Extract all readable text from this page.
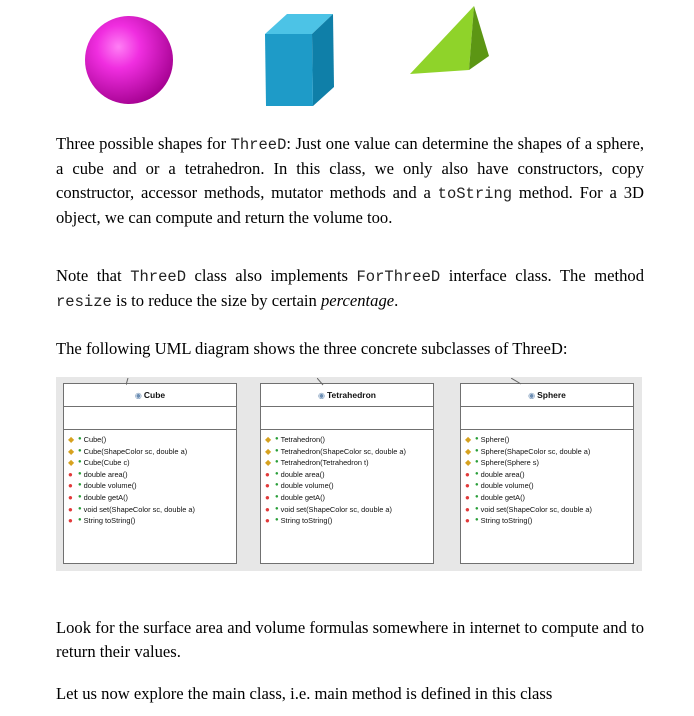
Three possible shapes for ThreeD: Just one value can determine the shapes of a sphere, a cube and or a tetrahedron. In this class, we only also have constructors, copy constructor, accessor methods, mutator methods and a toString method. For a 3D object, we can compute and return the volume too.

Note that ThreeD class also implements ForThreeD interface class. The method resize is to reduce the size by certain percentage.

The following UML diagram shows the three concrete subclasses of ThreeD:

◉ Cube
◆ ● Cube()
◆ ● Cube(ShapeColor sc, double a)
◆ ● Cube(Cube c)
● ● double area()
● ● double volume()
● ● double getA()
● ● void set(ShapeColor sc, double a)
● ● String toString()
◉ Tetrahedron
◆ ● Tetrahedron()
◆ ● Tetrahedron(ShapeColor sc, double a)
◆ ● Tetrahedron(Tetrahedron t)
● ● double area()
● ● double volume()
● ● double getA()
● ● void set(ShapeColor sc, double a)
● ● String toString()
◉ Sphere
◆ ● Sphere()
◆ ● Sphere(ShapeColor sc, double a)
◆ ● Sphere(Sphere s)
● ● double area()
● ● double volume()
● ● double getA()
● ● void set(ShapeColor sc, double a)
● ● String toString()

Look for the surface area and volume formulas somewhere in internet to compute and to return their values.

Let us now explore the main class, i.e. main method is defined in this class
